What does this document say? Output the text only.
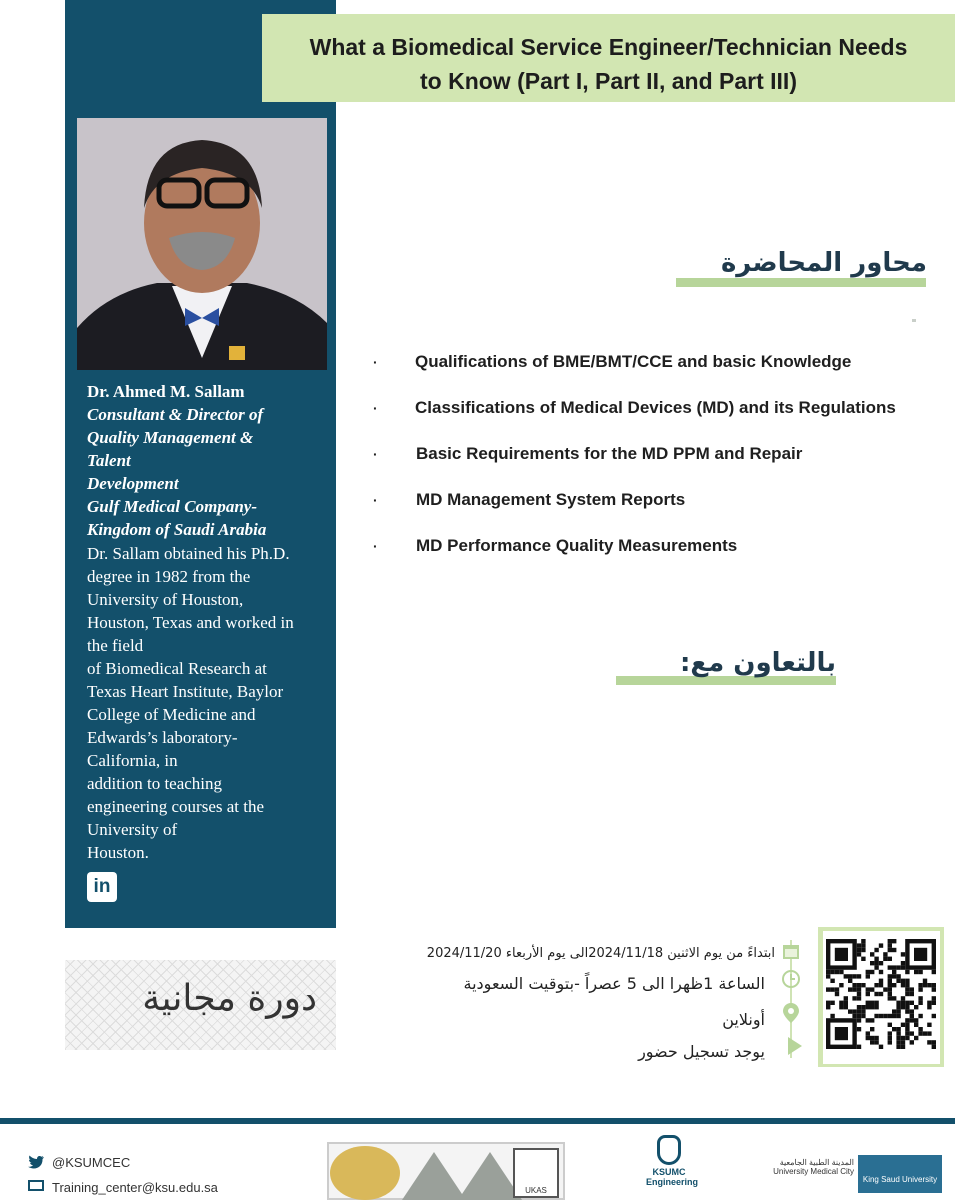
Dr. Ahmed M. Sallam
Consultant & Director of
Quality Management &
Talent
Development
Gulf Medical Company-
Kingdom of Saudi Arabia
Dr. Sallam obtained his Ph.D.
degree in 1982 from the
University of Houston,
Houston, Texas and worked in
the field
of Biomedical Research at
Texas Heart Institute, Baylor
College of Medicine and
Edwards’s laboratory-
California, in
addition to teaching
engineering courses at the
University of
Houston.
in
What a Biomedical Service Engineer/Technician Needs
to Know (Part I, Part II, and Part III)
محاور المحاضرة
· Qualifications of BME/BMT/CCE and basic Knowledge
· Classifications of Medical Devices (MD) and its Regulations
· Basic Requirements for the MD PPM and Repair
· MD Management System Reports
· MD Performance Quality Measurements
بالتعاون مع:
دورة مجانية
ابتداءً من يوم الاثنين 2024/11/18الى يوم الأربعاء 2024/11/20
الساعة 1ظهرا الى 5 عصراً -بتوقيت السعودية
أونلاين
يوجد تسجيل حضور
@KSUMCEC
Training_center@ksu.edu.sa	UKAS
KSUMC
Engineering
المدينة الطبية الجامعية
University Medical City
King Saud University
